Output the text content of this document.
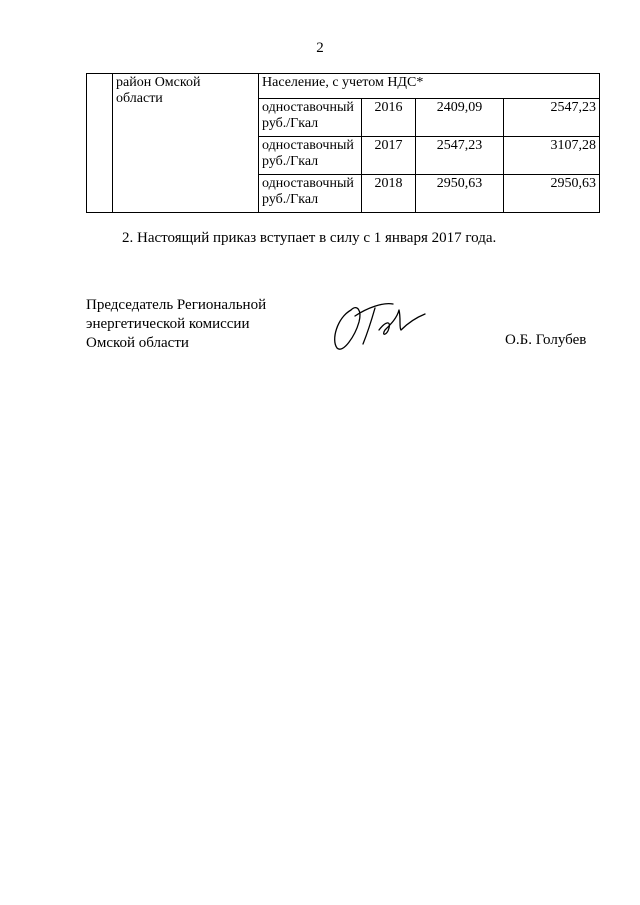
2

	район Омской
области	Население, с учетом НДС*			

		одноставочный
руб./Гкал	2016	2409,09	2547,23

		одноставочный
руб./Гкал	2017	2547,23	3107,28

		одноставочный
руб./Гкал	2018	2950,63	2950,63
2. Настоящий приказ вступает в силу с 1 января 2017 года.
Председатель Региональной
энергетической комиссии
Омской области	О.Б. Голубев
